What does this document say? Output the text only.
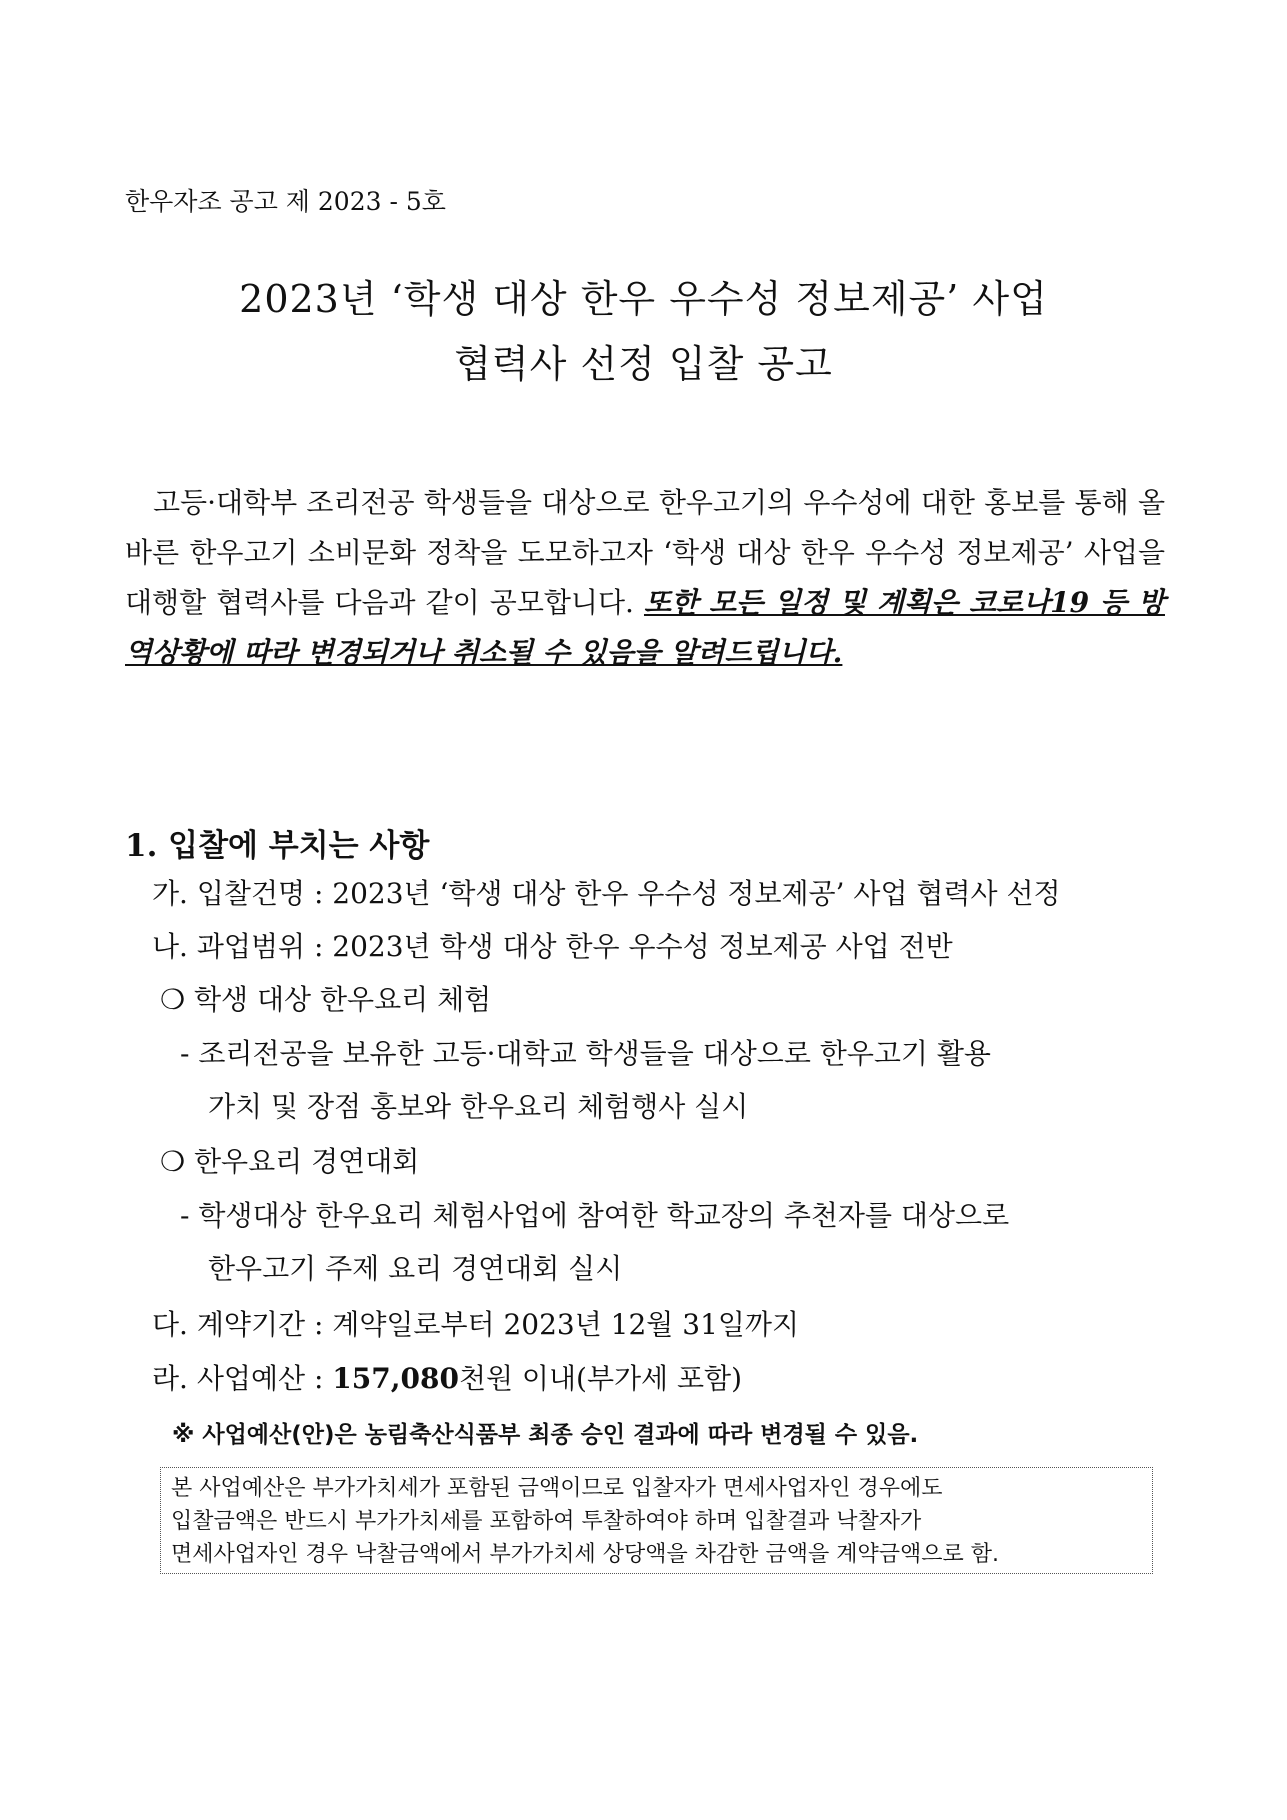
한우자조 공고 제 2023 - 5호
2023년 ‘학생 대상 한우 우수성 정보제공’ 사업
협력사 선정 입찰 공고
고등·대학부 조리전공 학생들을 대상으로 한우고기의 우수성에 대한 홍보를 통해 올바른 한우고기 소비문화 정착을 도모하고자 ‘학생 대상 한우 우수성 정보제공’ 사업을 대행할 협력사를 다음과 같이 공모합니다. 또한 모든 일정 및 계획은 코로나19 등 방역상황에 따라 변경되거나 취소될 수 있음을 알려드립니다.
1. 입찰에 부치는 사항
가. 입찰건명 : 2023년 ‘학생 대상 한우 우수성 정보제공’ 사업 협력사 선정
나. 과업범위 : 2023년 학생 대상 한우 우수성 정보제공 사업 전반
❍ 학생 대상 한우요리 체험
- 조리전공을 보유한 고등·대학교 학생들을 대상으로 한우고기 활용
가치 및 장점 홍보와 한우요리 체험행사 실시
❍ 한우요리 경연대회
- 학생대상 한우요리 체험사업에 참여한 학교장의 추천자를 대상으로
한우고기 주제 요리 경연대회 실시
다. 계약기간 : 계약일로부터 2023년 12월 31일까지
라. 사업예산 : 157,080천원 이내(부가세 포함)
※ 사업예산(안)은 농림축산식품부 최종 승인 결과에 따라 변경될 수 있음.
본 사업예산은 부가가치세가 포함된 금액이므로 입찰자가 면세사업자인 경우에도
입찰금액은 반드시 부가가치세를 포함하여 투찰하여야 하며 입찰결과 낙찰자가
면세사업자인 경우 낙찰금액에서 부가가치세 상당액을 차감한 금액을 계약금액으로 함.
